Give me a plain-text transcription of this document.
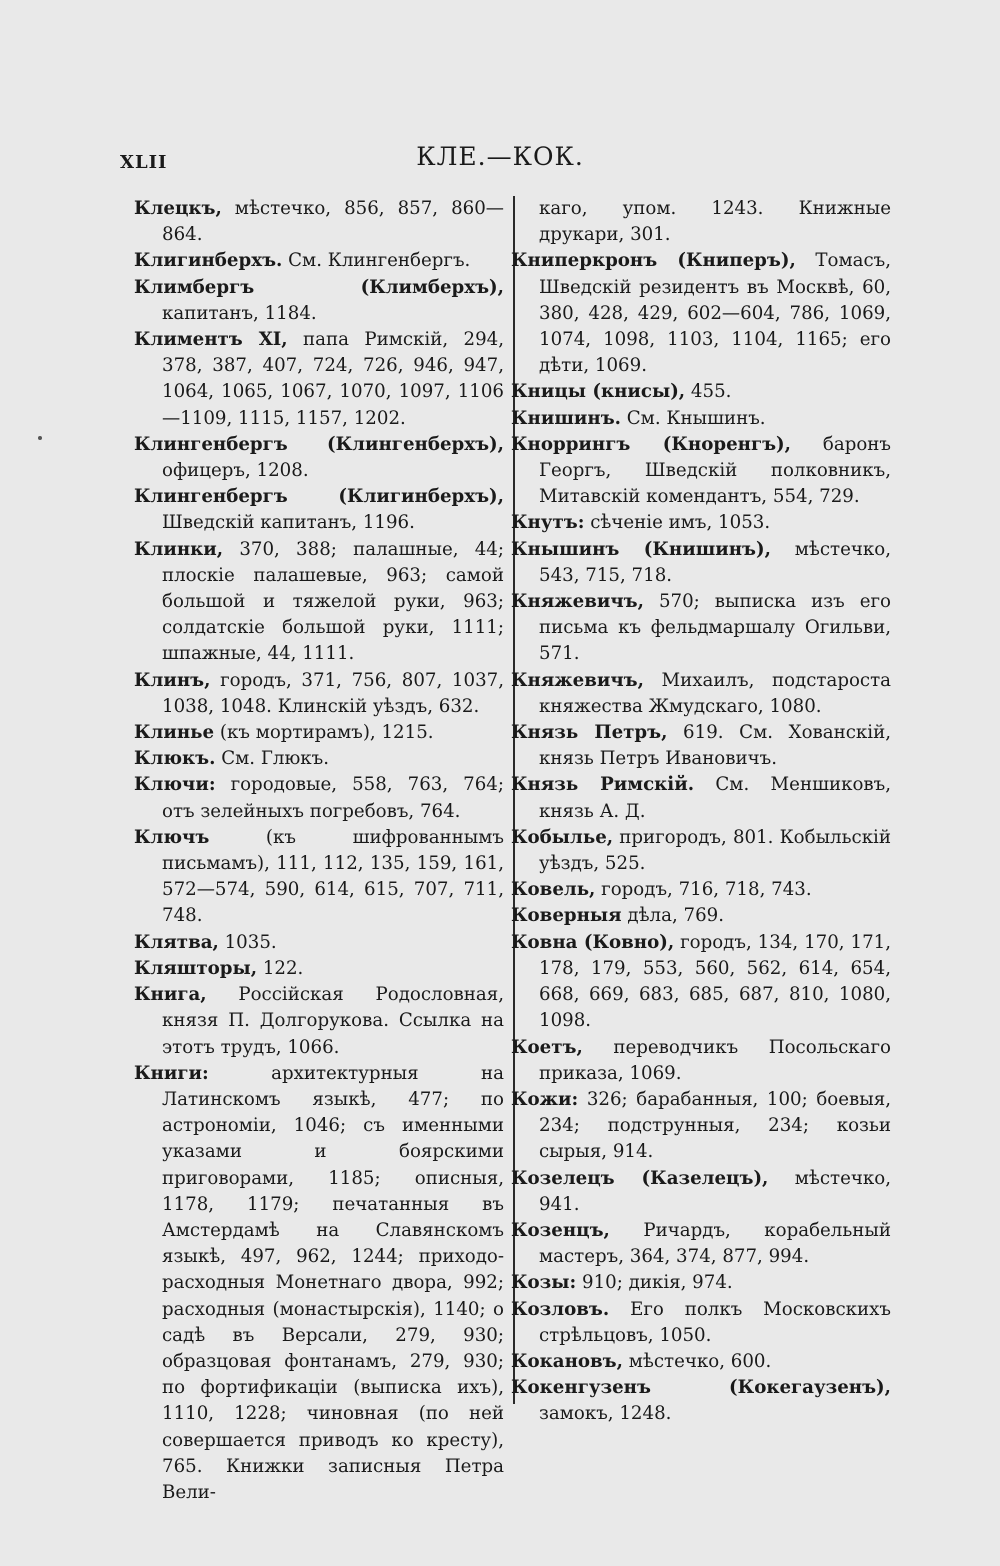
XLII	КЛЕ.—КОК.

Клецкъ, мѣстечко, 856, 857, 860—864.

Клигинберхъ. См. Клингенбергъ.

Климбергъ (Климберхъ), капитанъ, 1184.

Климентъ XI, папа Римскій, 294, 378, 387, 407, 724, 726, 946, 947, 1064, 1065, 1067, 1070, 1097, 1106—1109, 1115, 1157, 1202.

Клингенбергъ (Клингенберхъ), офицеръ, 1208.

Клингенбергъ (Клигинберхъ), Шведскій капитанъ, 1196.

Клинки, 370, 388; палашные, 44; плоскіе палашевые, 963; самой большой и тяжелой руки, 963; солдатскіе большой руки, 1111; шпажные, 44, 1111.

Клинъ, городъ, 371, 756, 807, 1037, 1038, 1048. Клинскій уѣздъ, 632.

Клинье (къ мортирамъ), 1215.

Клюкъ. См. Глюкъ.

Ключи: городовые, 558, 763, 764; отъ зелейныхъ погребовъ, 764.

Ключъ (къ шифрованнымъ письмамъ), 111, 112, 135, 159, 161, 572—574, 590, 614, 615, 707, 711, 748.

Клятва, 1035.

Кляшторы, 122.

Книга, Россійская Родословная, князя П. Долгорукова. Ссылка на этотъ трудъ, 1066.

Книги: архитектурныя на Латинскомъ языкѣ, 477; по астрономіи, 1046; съ именными указами и боярскими приговорами, 1185; описныя, 1178, 1179; печатанныя въ Амстердамѣ на Славянскомъ языкѣ, 497, 962, 1244; приходо-расходныя Монетнаго двора, 992; расходныя (монастырскія), 1140; о садѣ въ Версали, 279, 930; образцовая фонтанамъ, 279, 930; по фортификаціи (выписка ихъ), 1110, 1228; чиновная (по ней совершается приводъ ко кресту), 765. Книжки записныя Петра Вели-

каго, упом. 1243. Книжные друкари, 301.

Книперкронъ (Книперъ), Томасъ, Шведскій резидентъ въ Москвѣ, 60, 380, 428, 429, 602—604, 786, 1069, 1074, 1098, 1103, 1104, 1165; его дѣти, 1069.

Кницы (книсы), 455.

Книшинъ. См. Кнышинъ.

Кноррингъ (Кноренгъ), баронъ Георгъ, Шведскій полковникъ, Митавскій комендантъ, 554, 729.

Кнутъ: сѣченіе имъ, 1053.

Кнышинъ (Книшинъ), мѣстечко, 543, 715, 718.

Княжевичъ, 570; выписка изъ его письма къ фельдмаршалу Огильви, 571.

Княжевичъ, Михаилъ, подстароста княжества Жмудскаго, 1080.

Князь Петръ, 619. См. Хованскій, князь Петръ Ивановичъ.

Князь Римскій. См. Меншиковъ, князь А. Д.

Кобылье, пригородъ, 801. Кобыльскій уѣздъ, 525.

Ковель, городъ, 716, 718, 743.

Коверныя дѣла, 769.

Ковна (Ковно), городъ, 134, 170, 171, 178, 179, 553, 560, 562, 614, 654, 668, 669, 683, 685, 687, 810, 1080, 1098.

Коетъ, переводчикъ Посольскаго приказа, 1069.

Кожи: 326; барабанныя, 100; боевыя, 234; подструнныя, 234; козьи сырыя, 914.

Козелецъ (Казелецъ), мѣстечко, 941.

Козенцъ, Ричардъ, корабельный мастеръ, 364, 374, 877, 994.

Козы: 910; дикія, 974.

Козловъ. Его полкъ Московскихъ стрѣльцовъ, 1050.

Кокановъ, мѣстечко, 600.

Кокенгузенъ (Кокегаузенъ), замокъ, 1248.
